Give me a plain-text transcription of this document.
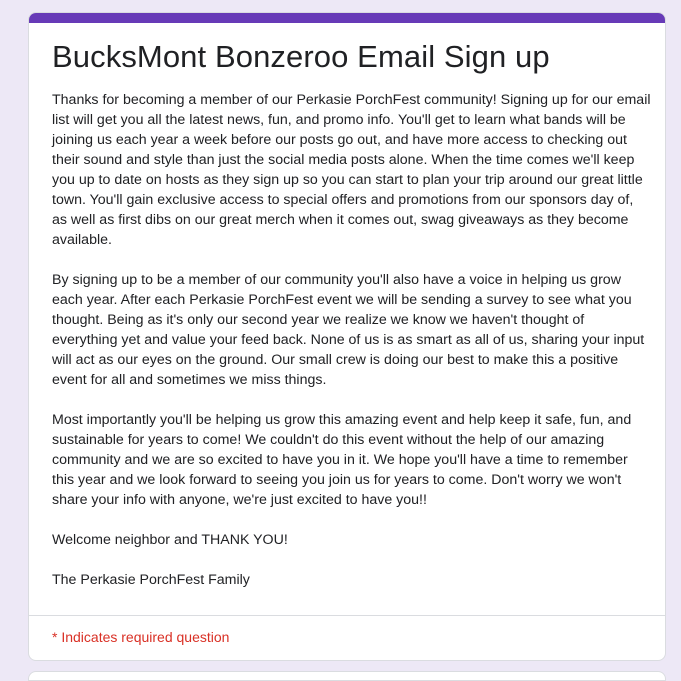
BucksMont Bonzeroo Email Sign up

Thanks for becoming a member of our Perkasie PorchFest community! Signing up for our email list will get you all the latest news, fun, and promo info. You'll get to learn what bands will be joining us each year a week before our posts go out, and have more access to checking out their sound and style than just the social media posts alone. When the time comes we'll keep you up to date on hosts as they sign up so you can start to plan your trip around our great little town. You'll gain exclusive access to special offers and promotions from our sponsors day of, as well as first dibs on our great merch when it comes out, swag giveaways as they become available.

By signing up to be a member of our community you'll also have a voice in helping us grow each year. After each Perkasie PorchFest event we will be sending a survey to see what you thought. Being as it's only our second year we realize we know we haven't thought of everything yet and value your feed back. None of us is as smart as all of us, sharing your input will act as our eyes on the ground. Our small crew is doing our best to make this a positive event for all and sometimes we miss things.

Most importantly you'll be helping us grow this amazing event and help keep it safe, fun, and sustainable for years to come! We couldn't do this event without the help of our amazing community and we are so excited to have you in it. We hope you'll have a time to remember this year and we look forward to seeing you join us for years to come. Don't worry we won't share your info with anyone, we're just excited to have you!!

Welcome neighbor and THANK YOU!

The Perkasie PorchFest Family

* Indicates required question
